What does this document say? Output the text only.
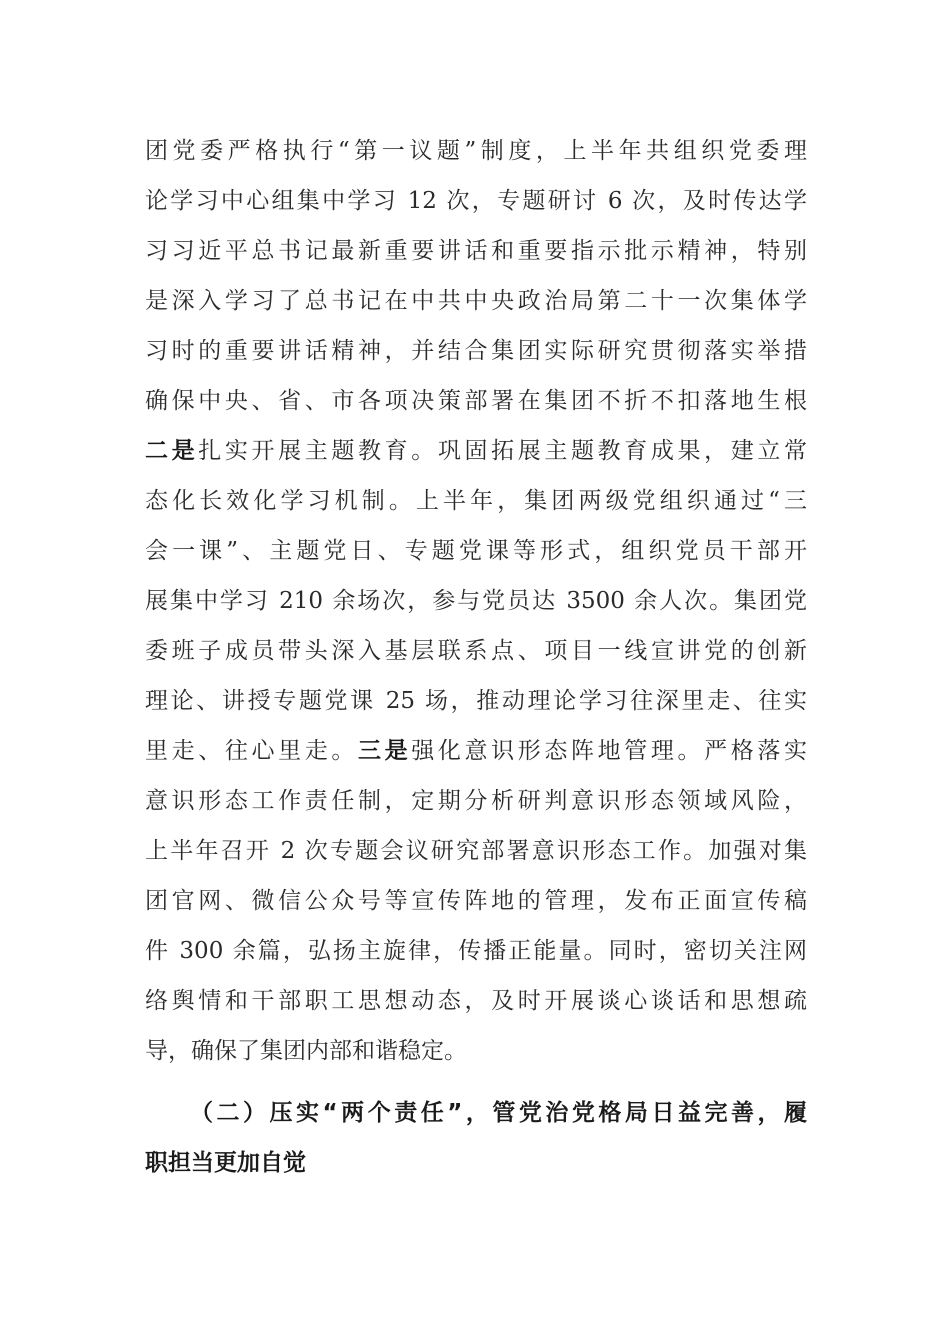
团党委严格执行“第一议题”制度，上半年共组织党委理
论学习中心组集中学习 12 次，专题研讨 6 次，及时传达学
习习近平总书记最新重要讲话和重要指示批示精神，特别
是深入学习了总书记在中共中央政治局第二十一次集体学
习时的重要讲话精神，并结合集团实际研究贯彻落实举措
确保中央、省、市各项决策部署在集团不折不扣落地生根
二是扎实开展主题教育。巩固拓展主题教育成果，建立常
态化长效化学习机制。上半年，集团两级党组织通过“三
会一课”、主题党日、专题党课等形式，组织党员干部开
展集中学习 210 余场次，参与党员达 3500 余人次。集团党
委班子成员带头深入基层联系点、项目一线宣讲党的创新
理论、讲授专题党课 25 场，推动理论学习往深里走、往实
里走、往心里走。三是强化意识形态阵地管理。严格落实
意识形态工作责任制，定期分析研判意识形态领域风险，
上半年召开 2 次专题会议研究部署意识形态工作。加强对集
团官网、微信公众号等宣传阵地的管理，发布正面宣传稿
件 300 余篇，弘扬主旋律，传播正能量。同时，密切关注网
络舆情和干部职工思想动态，及时开展谈心谈话和思想疏
导，确保了集团内部和谐稳定。
（二）压实“两个责任”，管党治党格局日益完善，履
职担当更加自觉
